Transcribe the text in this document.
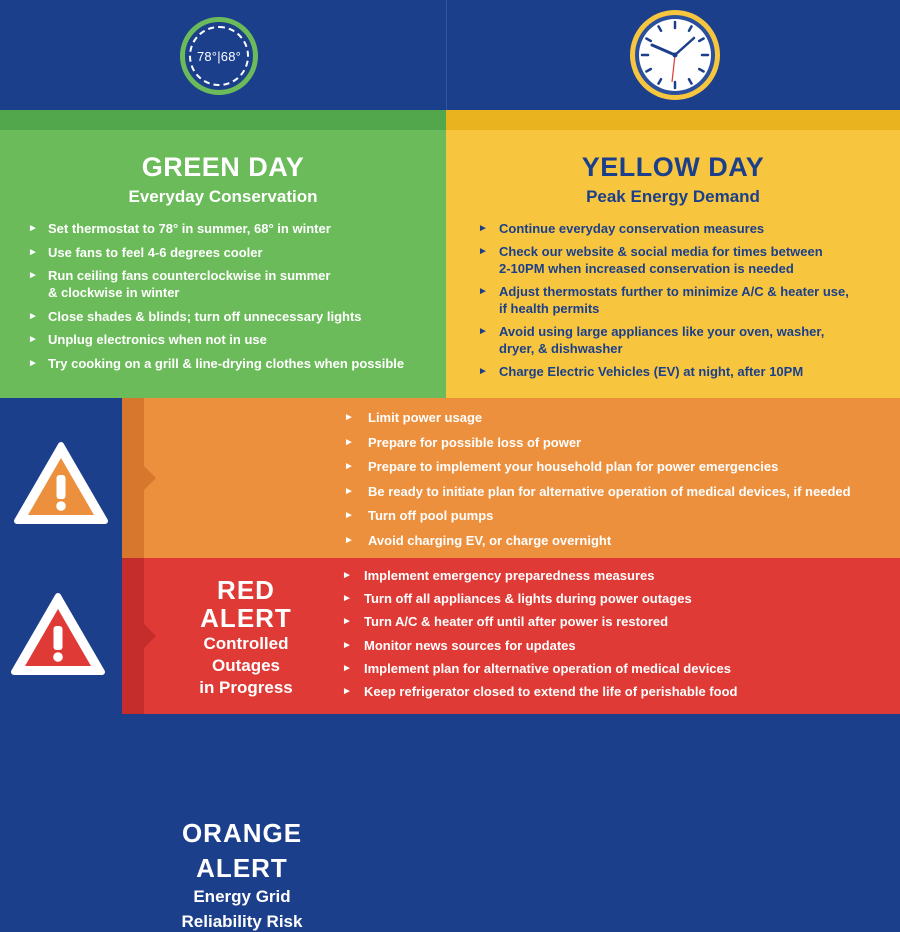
78°|68°
GREEN DAY
Everyday Conservation
► Set thermostat to 78° in summer, 68° in winter
► Use fans to feel 4-6 degrees cooler
► Run ceiling fans counterclockwise in summer
& clockwise in winter
► Close shades & blinds; turn off unnecessary lights
► Unplug electronics when not in use
► Try cooking on a grill & line-drying clothes when possible
YELLOW DAY
Peak Energy Demand
► Continue everyday conservation measures
► Check our website & social media for times between
2-10PM when increased conservation is needed
► Adjust thermostats further to minimize A/C & heater use,
if health permits
► Avoid using large appliances like your oven, washer,
dryer, & dishwasher
► Charge Electric Vehicles (EV) at night, after 10PM
ORANGE
ALERT
Energy Grid
Reliability Risk
► Limit power usage
► Prepare for possible loss of power
► Prepare to implement your household plan for power emergencies
► Be ready to initiate plan for alternative operation of medical devices, if needed
► Turn off pool pumps
► Avoid charging EV, or charge overnight
RED
ALERT
Controlled
Outages
in Progress
► Implement emergency preparedness measures
► Turn off all appliances & lights during power outages
► Turn A/C & heater off until after power is restored
► Monitor news sources for updates
► Implement plan for alternative operation of medical devices
► Keep refrigerator closed to extend the life of perishable food
